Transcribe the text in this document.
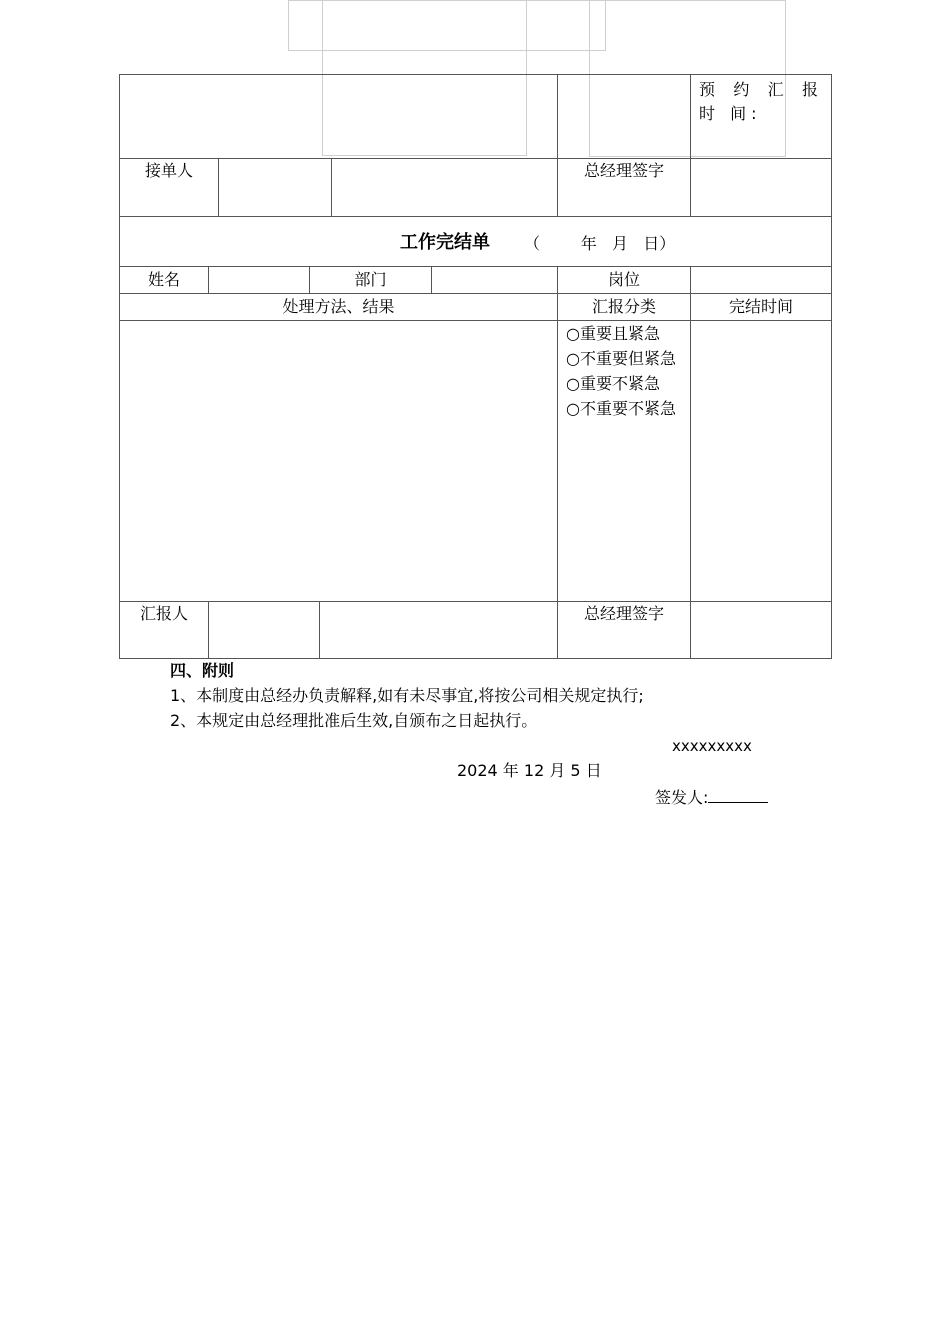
				预 约 汇 报 时 间:

接单人			总经理签字	
工作完结单 （        年   月   日）						

姓名		部门			岗位	
处理方法、结果					汇报分类	完结时间

					○重要且紧急
○不重要但紧急
○重要不紧急
○不重要不紧急	

汇报人					总经理签字	
四、附则
1、本制度由总经办负责解释,如有未尽事宜,将按公司相关规定执行;
2、本规定由总经理批准后生效,自颁布之日起执行。
xxxxxxxxx
2024 年 12 月 5 日
签发人:
